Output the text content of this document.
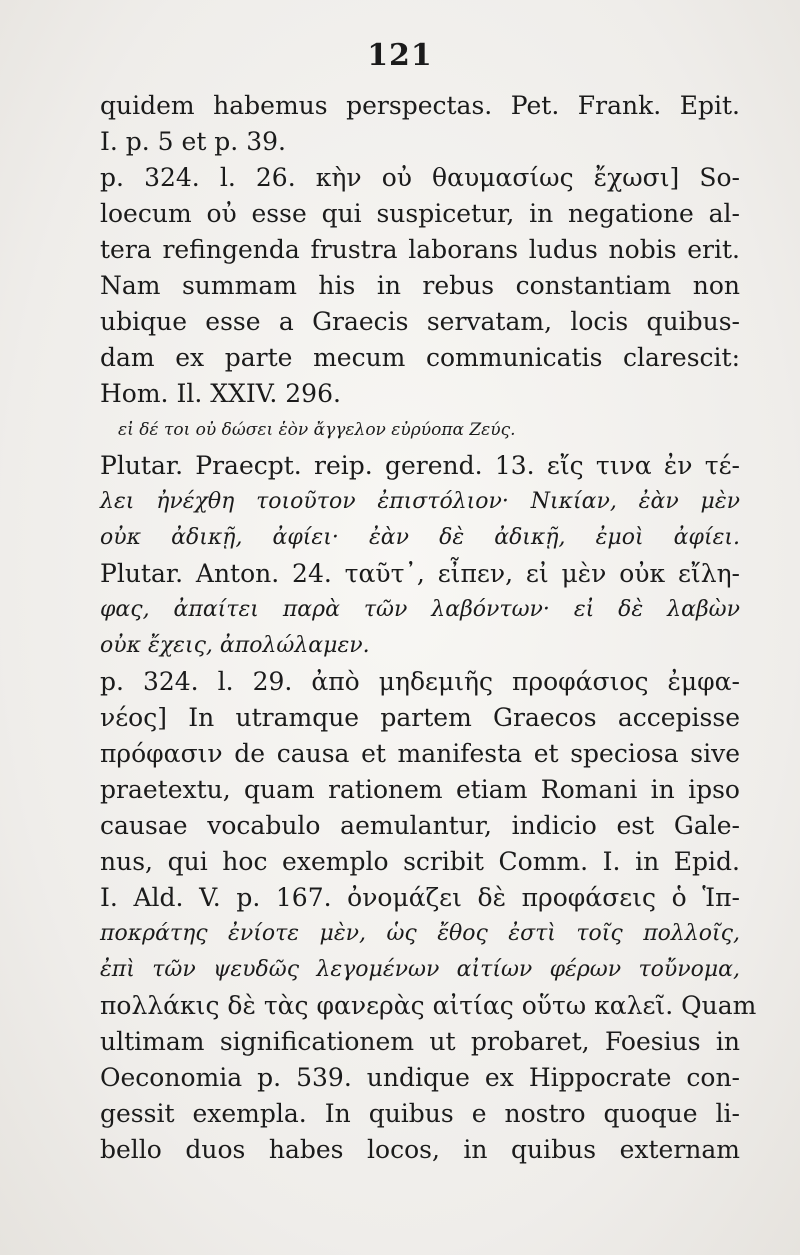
121
quidem habemus perspectas. Pet. Frank. Epit.
I. p. 5 et p. 39.
p. 324. l. 26. κὴν οὐ θαυμασίως ἔχωσι] So-
loecum οὐ esse qui suspicetur, in negatione al-
tera refingenda frustra laborans ludus nobis erit.
Nam summam his in rebus constantiam non
ubique esse a Graecis servatam, locis quibus-
dam ex parte mecum communicatis clarescit:
Hom. Il. XXIV. 296.
εἰ δέ τοι οὐ δώσει ἑὸν ἄγγελον εὐρύοπα Ζεύς.
Plutar. Praecpt. reip. gerend. 13. εἴς τινα ἐν τέ-
λει ἠνέχθη τοιοῦτον ἐπιστόλιον· Νικίαν, ἐὰν μὲν
οὐκ ἀδικῇ, ἀφίει· ἐὰν δὲ ἀδικῇ, ἐμοὶ ἀφίει.
Plutar. Anton. 24. ταῦτ᾽, εἶπεν, εἰ μὲν οὐκ εἴλη-
φας, ἀπαίτει παρὰ τῶν λαβόντων· εἰ δὲ λαβὼν
οὐκ ἔχεις, ἀπολώλαμεν.
p. 324. l. 29. ἀπὸ μηδεμιῆς προφάσιος ἐμφα-
νέος] In utramque partem Graecos accepisse
πρόφασιν de causa et manifesta et speciosa sive
praetextu, quam rationem etiam Romani in ipso
causae vocabulo aemulantur, indicio est Gale-
nus, qui hoc exemplo scribit Comm. I. in Epid.
I. Ald. V. p. 167. ὀνομάζει δὲ προφάσεις ὁ Ἱπ-
ποκράτης ἐνίοτε μὲν, ὡς ἔθος ἐστὶ τοῖς πολλοῖς,
ἐπὶ τῶν ψευδῶς λεγομένων αἰτίων φέρων τοὔνομα,
πολλάκις δὲ τὰς φανερὰς αἰτίας οὕτω καλεῖ. Quam
ultimam significationem ut probaret, Foesius in
Oeconomia p. 539. undique ex Hippocrate con-
gessit exempla. In quibus e nostro quoque li-
bello duos habes locos, in quibus externam
